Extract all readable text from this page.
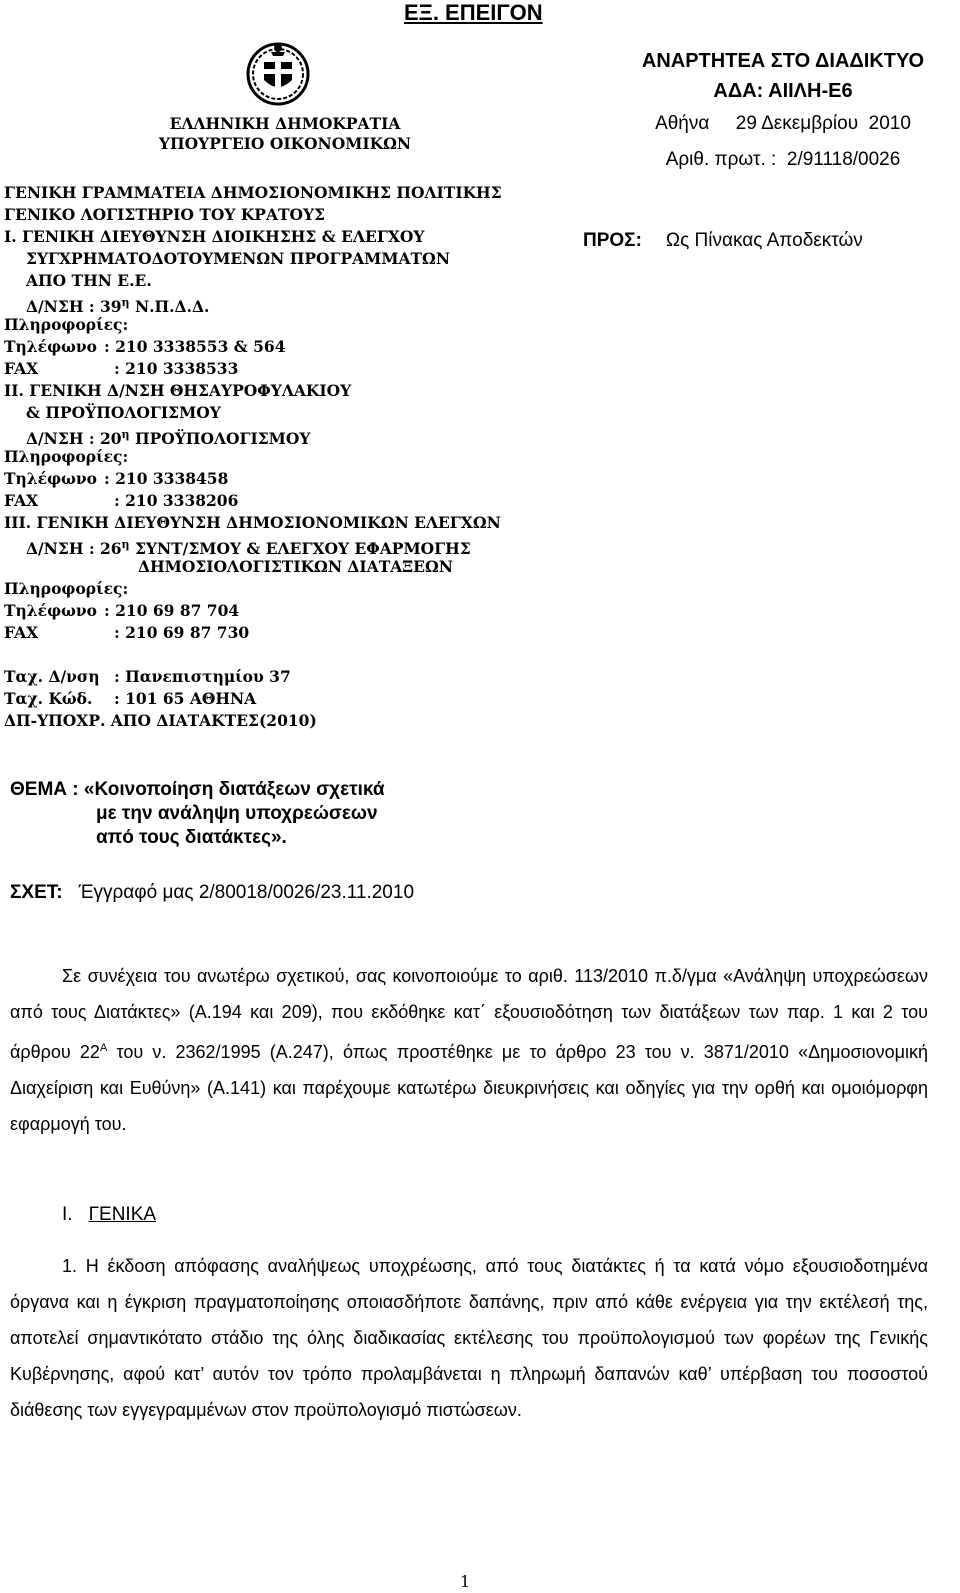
ΕΞ. ΕΠΕΙΓΟΝ
ΕΛΛΗΝΙΚΗ ΔΗΜΟΚΡΑΤΙΑ
ΥΠΟΥΡΓΕΙΟ ΟΙΚΟΝΟΜΙΚΩΝ
ΓΕΝΙΚΗ ΓΡΑΜΜΑΤΕΙΑ ΔΗΜΟΣΙΟΝΟΜΙΚΗΣ ΠΟΛΙΤΙΚΗΣ
ΓΕΝΙΚΟ ΛΟΓΙΣΤΗΡΙΟ ΤΟΥ ΚΡΑΤΟΥΣ
I. ΓΕΝΙΚΗ ΔΙΕΥΘΥΝΣΗ ΔΙΟΙΚΗΣΗΣ & ΕΛΕΓΧΟΥ
ΣΥΓΧΡΗΜΑΤΟΔΟΤΟΥΜΕΝΩΝ ΠΡΟΓΡΑΜΜΑΤΩΝ
ΑΠΟ ΤΗΝ Ε.Ε.
Δ/ΝΣΗ : $39^\eta$ Ν.Π.Δ.Δ.
Πληροφορίες:
Τηλέφωνο : 210 3338553 & 564
FAX	: 210 3338533
II. ΓΕΝΙΚΗ Δ/ΝΣΗ ΘΗΣΑΥΡΟΦΥΛΑΚΙΟΥ
& ΠΡΟΫΠΟΛΟΓΙΣΜΟΥ
Δ/ΝΣΗ : $20^\eta$ ΠΡΟΫΠΟΛΟΓΙΣΜΟΥ
Πληροφορίες:
Τηλέφωνο : 210 3338458
FAX	: 210 3338206
III. ΓΕΝΙΚΗ ΔΙΕΥΘΥΝΣΗ ΔΗΜΟΣΙΟΝΟΜΙΚΩΝ ΕΛΕΓΧΩΝ
Δ/ΝΣΗ : $26^\eta$ ΣΥΝΤ/ΣΜΟΥ & ΕΛΕΓΧΟΥ ΕΦΑΡΜΟΓΗΣ
ΔΗΜΟΣΙΟΛΟΓΙΣΤΙΚΩΝ ΔΙΑΤΑΞΕΩΝ
Πληροφορίες:
Τηλέφωνο : 210 69 87 704
FAX	: 210 69 87 730
Ταχ. Δ/νση : Πανεπιστημίου 37
Ταχ. Κώδ. : 101 65 ΑΘΗΝΑ
ΔΠ-ΥΠΟΧΡ. ΑΠΟ ΔΙΑΤΑΚΤΕΣ(2010)
ΑΝΑΡΤΗΤΕΑ ΣΤΟ ΔΙΑΔΙΚΤΥΟ
ΑΔΑ: ΑΙΙΛΗ-Ε6
Αθήνα     29 Δεκεμβρίου  2010
Αριθ. πρωτ. :  2/91118/0026
ΠΡΟΣ: Ως Πίνακας Αποδεκτών
ΘΕΜΑ : «Κοινοποίηση διατάξεων σχετικά
με την ανάληψη υποχρεώσεων
από τους διατάκτες».
ΣΧΕΤ: Έγγραφό μας 2/80018/0026/23.11.2010
Σε συνέχεια του ανωτέρω σχετικού, σας κοινοποιούμε το αριθ. 113/2010 π.δ/γμα «Ανάληψη υποχρεώσεων από τους Διατάκτες» (Α.194 και 209), που εκδόθηκε κατ΄ εξουσιοδότηση των διατάξεων των παρ. 1 και 2 του άρθρου $22^A$ του ν. 2362/1995 (Α.247), όπως προστέθηκε με το άρθρο 23 του ν. 3871/2010 «Δημοσιονομική Διαχείριση και Ευθύνη» (Α.141) και παρέχουμε κατωτέρω διευκρινήσεις και οδηγίες για την ορθή και ομοιόμορφη εφαρμογή του.
Ι. ΓΕΝΙΚΑ
1. Η έκδοση απόφασης αναλήψεως υποχρέωσης, από τους διατάκτες ή τα κατά νόμο εξουσιοδοτημένα όργανα και η έγκριση πραγματοποίησης οποιασδήποτε δαπάνης, πριν από κάθε ενέργεια για την εκτέλεσή της, αποτελεί σημαντικότατο στάδιο της όλης διαδικασίας εκτέλεσης του προϋπολογισμού των φορέων της Γενικής Κυβέρνησης, αφού κατ’ αυτόν τον τρόπο προλαμβάνεται η πληρωμή δαπανών καθ’ υπέρβαση του ποσοστού διάθεσης των εγγεγραμμένων στον προϋπολογισμό πιστώσεων.
1
